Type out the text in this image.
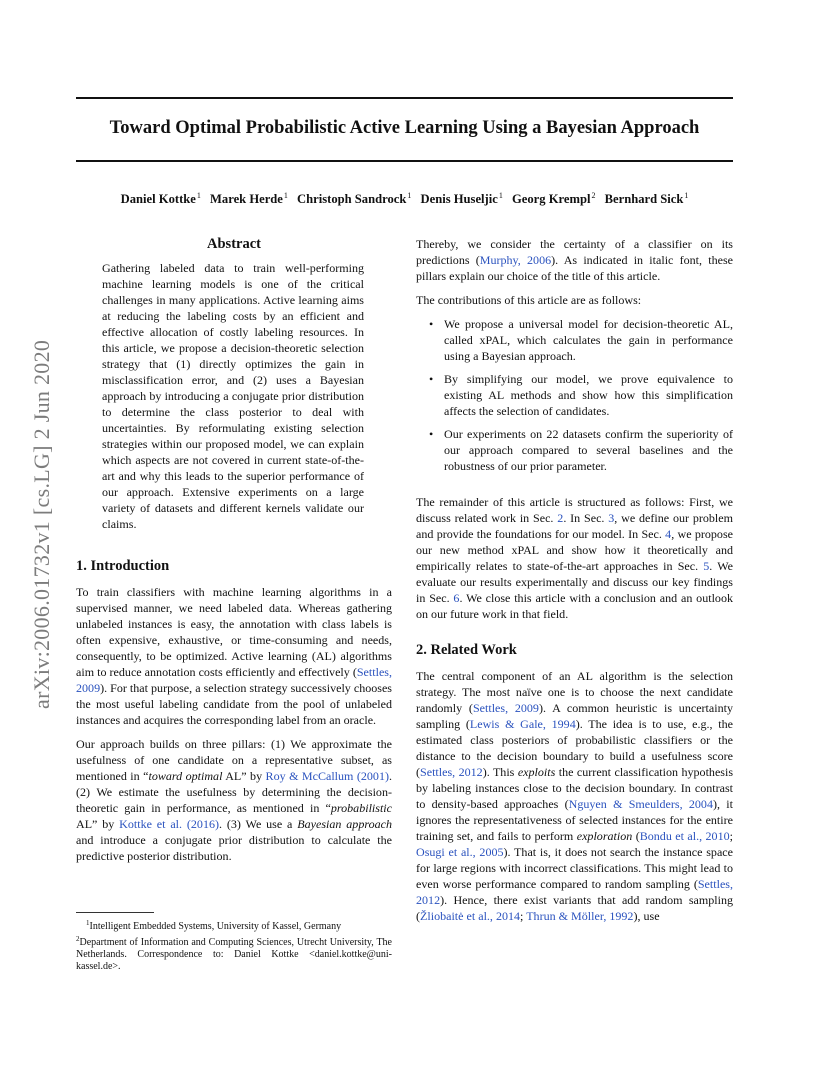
Toward Optimal Probabilistic Active Learning Using a Bayesian Approach
Daniel Kottke$^1$ Marek Herde$^1$ Christoph Sandrock$^1$ Denis Huseljic$^1$ Georg Krempl$^2$ Bernhard Sick$^1$
arXiv:2006.01732v1 [cs.LG] 2 Jun 2020
Abstract

Gathering labeled data to train well-performing machine learning models is one of the critical challenges in many applications. Active learning aims at reducing the labeling costs by an efficient and effective allocation of costly labeling resources. In this article, we propose a decision-theoretic selection strategy that (1) directly optimizes the gain in misclassification error, and (2) uses a Bayesian approach by introducing a conjugate prior distribution to determine the class posterior to deal with uncertainties. By reformulating existing selection strategies within our proposed model, we can explain which aspects are not covered in current state-of-the-art and why this leads to the superior performance of our approach. Extensive experiments on a large variety of datasets and different kernels validate our claims.

1. Introduction

To train classifiers with machine learning algorithms in a supervised manner, we need labeled data. Whereas gathering unlabeled instances is easy, the annotation with class labels is often expensive, exhaustive, or time-consuming and needs, consequently, to be optimized. Active learning (AL) algorithms aim to reduce annotation costs efficiently and effectively (Settles, 2009). For that purpose, a selection strategy successively chooses the most useful labeling candidate from the pool of unlabeled instances and acquires the corresponding label from an oracle.

Our approach builds on three pillars: (1) We approximate the usefulness of one candidate on a representative subset, as mentioned in “toward optimal AL” by Roy & McCallum (2001). (2) We estimate the usefulness by determining the decision-theoretic gain in performance, as mentioned in “probabilistic AL” by Kottke et al. (2016). (3) We use a Bayesian approach and introduce a conjugate prior distribution to calculate the predictive posterior distribution.

$^1$Intelligent Embedded Systems, University of Kassel, Germany
$^2$Department of Information and Computing Sciences, Utrecht University, The Netherlands. Correspondence to: Daniel Kottke <daniel.kottke@uni-kassel.de>.

Thereby, we consider the certainty of a classifier on its predictions (Murphy, 2006). As indicated in italic font, these pillars explain our choice of the title of this article.

The contributions of this article are as follows:

• We propose a universal model for decision-theoretic AL, called xPAL, which calculates the gain in performance using a Bayesian approach.
• By simplifying our model, we prove equivalence to existing AL methods and show how this simplification affects the selection of candidates.
• Our experiments on 22 datasets confirm the superiority of our approach compared to several baselines and the robustness of our prior parameter.

The remainder of this article is structured as follows: First, we discuss related work in Sec. 2. In Sec. 3, we define our problem and provide the foundations for our model. In Sec. 4, we propose our new method xPAL and show how it theoretically and empirically relates to state-of-the-art approaches in Sec. 5. We evaluate our results experimentally and discuss our key findings in Sec. 6. We close this article with a conclusion and an outlook on our future work in that field.

2. Related Work

The central component of an AL algorithm is the selection strategy. The most naïve one is to choose the next candidate randomly (Settles, 2009). A common heuristic is uncertainty sampling (Lewis & Gale, 1994). The idea is to use, e.g., the estimated class posteriors of probabilistic classifiers or the distance to the decision boundary to build a usefulness score (Settles, 2012). This exploits the current classification hypothesis by labeling instances close to the decision boundary. In contrast to density-based approaches (Nguyen & Smeulders, 2004), it ignores the representativeness of selected instances for the entire training set, and fails to perform exploration (Bondu et al., 2010; Osugi et al., 2005). That is, it does not search the instance space for large regions with incorrect classifications. This might lead to even worse performance compared to random sampling (Settles, 2012). Hence, there exist variants that add random sampling (Žliobaitė et al., 2014; Thrun & Möller, 1992), use
